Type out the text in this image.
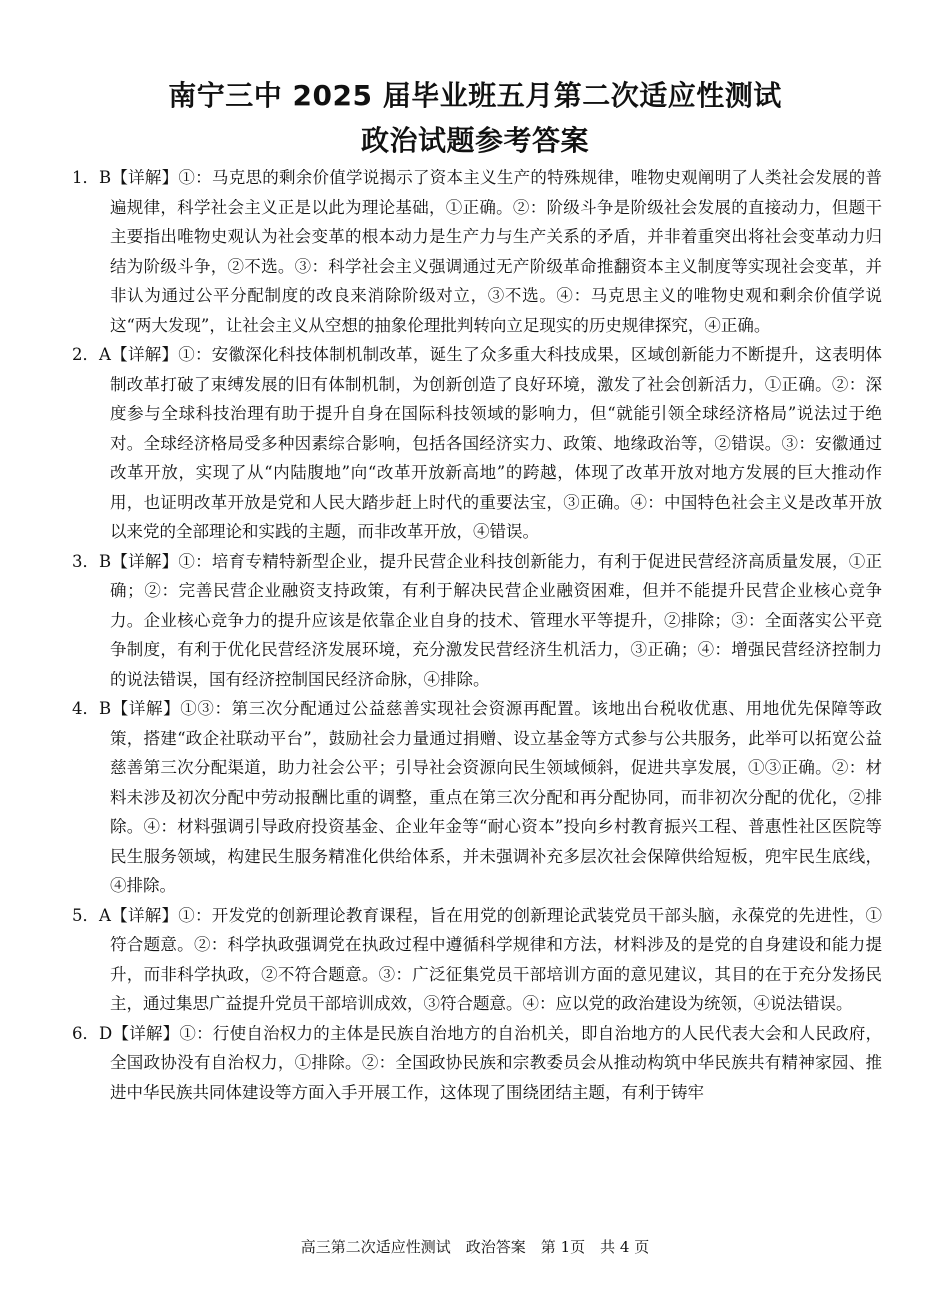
南宁三中 2025 届毕业班五月第二次适应性测试
政治试题参考答案

1． B【详解】①：马克思的剩余价值学说揭示了资本主义生产的特殊规律，唯物史观阐明了人类社会发展的普遍规律，科学社会主义正是以此为理论基础，①正确。②：阶级斗争是阶级社会发展的直接动力，但题干主要指出唯物史观认为社会变革的根本动力是生产力与生产关系的矛盾，并非着重突出将社会变革动力归结为阶级斗争，②不选。③：科学社会主义强调通过无产阶级革命推翻资本主义制度等实现社会变革，并非认为通过公平分配制度的改良来消除阶级对立，③不选。④：马克思主义的唯物史观和剩余价值学说这“两大发现”，让社会主义从空想的抽象伦理批判转向立足现实的历史规律探究，④正确。

2． A【详解】①：安徽深化科技体制机制改革，诞生了众多重大科技成果，区域创新能力不断提升，这表明体制改革打破了束缚发展的旧有体制机制，为创新创造了良好环境，激发了社会创新活力，①正确。②：深度参与全球科技治理有助于提升自身在国际科技领域的影响力，但“就能引领全球经济格局”说法过于绝对。全球经济格局受多种因素综合影响，包括各国经济实力、政策、地缘政治等，②错误。③：安徽通过改革开放，实现了从“内陆腹地”向“改革开放新高地”的跨越，体现了改革开放对地方发展的巨大推动作用，也证明改革开放是党和人民大踏步赶上时代的重要法宝，③正确。④：中国特色社会主义是改革开放以来党的全部理论和实践的主题，而非改革开放，④错误。

3． B【详解】①：培育专精特新型企业，提升民营企业科技创新能力，有利于促进民营经济高质量发展，①正确；②：完善民营企业融资支持政策，有利于解决民营企业融资困难，但并不能提升民营企业核心竞争力。企业核心竞争力的提升应该是依靠企业自身的技术、管理水平等提升，②排除；③：全面落实公平竞争制度，有利于优化民营经济发展环境，充分激发民营经济生机活力，③正确；④：增强民营经济控制力的说法错误，国有经济控制国民经济命脉，④排除。

4． B【详解】①③：第三次分配通过公益慈善实现社会资源再配置。该地出台税收优惠、用地优先保障等政策，搭建“政企社联动平台”，鼓励社会力量通过捐赠、设立基金等方式参与公共服务，此举可以拓宽公益慈善第三次分配渠道，助力社会公平；引导社会资源向民生领域倾斜，促进共享发展，①③正确。②：材料未涉及初次分配中劳动报酬比重的调整，重点在第三次分配和再分配协同，而非初次分配的优化，②排除。④：材料强调引导政府投资基金、企业年金等“耐心资本”投向乡村教育振兴工程、普惠性社区医院等民生服务领域，构建民生服务精准化供给体系，并未强调补充多层次社会保障供给短板，兜牢民生底线，④排除。

5． A【详解】①：开发党的创新理论教育课程，旨在用党的创新理论武装党员干部头脑，永葆党的先进性，①符合题意。②：科学执政强调党在执政过程中遵循科学规律和方法，材料涉及的是党的自身建设和能力提升，而非科学执政，②不符合题意。③：广泛征集党员干部培训方面的意见建议，其目的在于充分发扬民主，通过集思广益提升党员干部培训成效，③符合题意。④：应以党的政治建设为统领，④说法错误。

6． D【详解】①：行使自治权力的主体是民族自治地方的自治机关，即自治地方的人民代表大会和人民政府，全国政协没有自治权力，①排除。②：全国政协民族和宗教委员会从推动构筑中华民族共有精神家园、推进中华民族共同体建设等方面入手开展工作，这体现了围绕团结主题，有利于铸牢

高三第二次适应性测试　政治答案　第 1页　共 4 页
